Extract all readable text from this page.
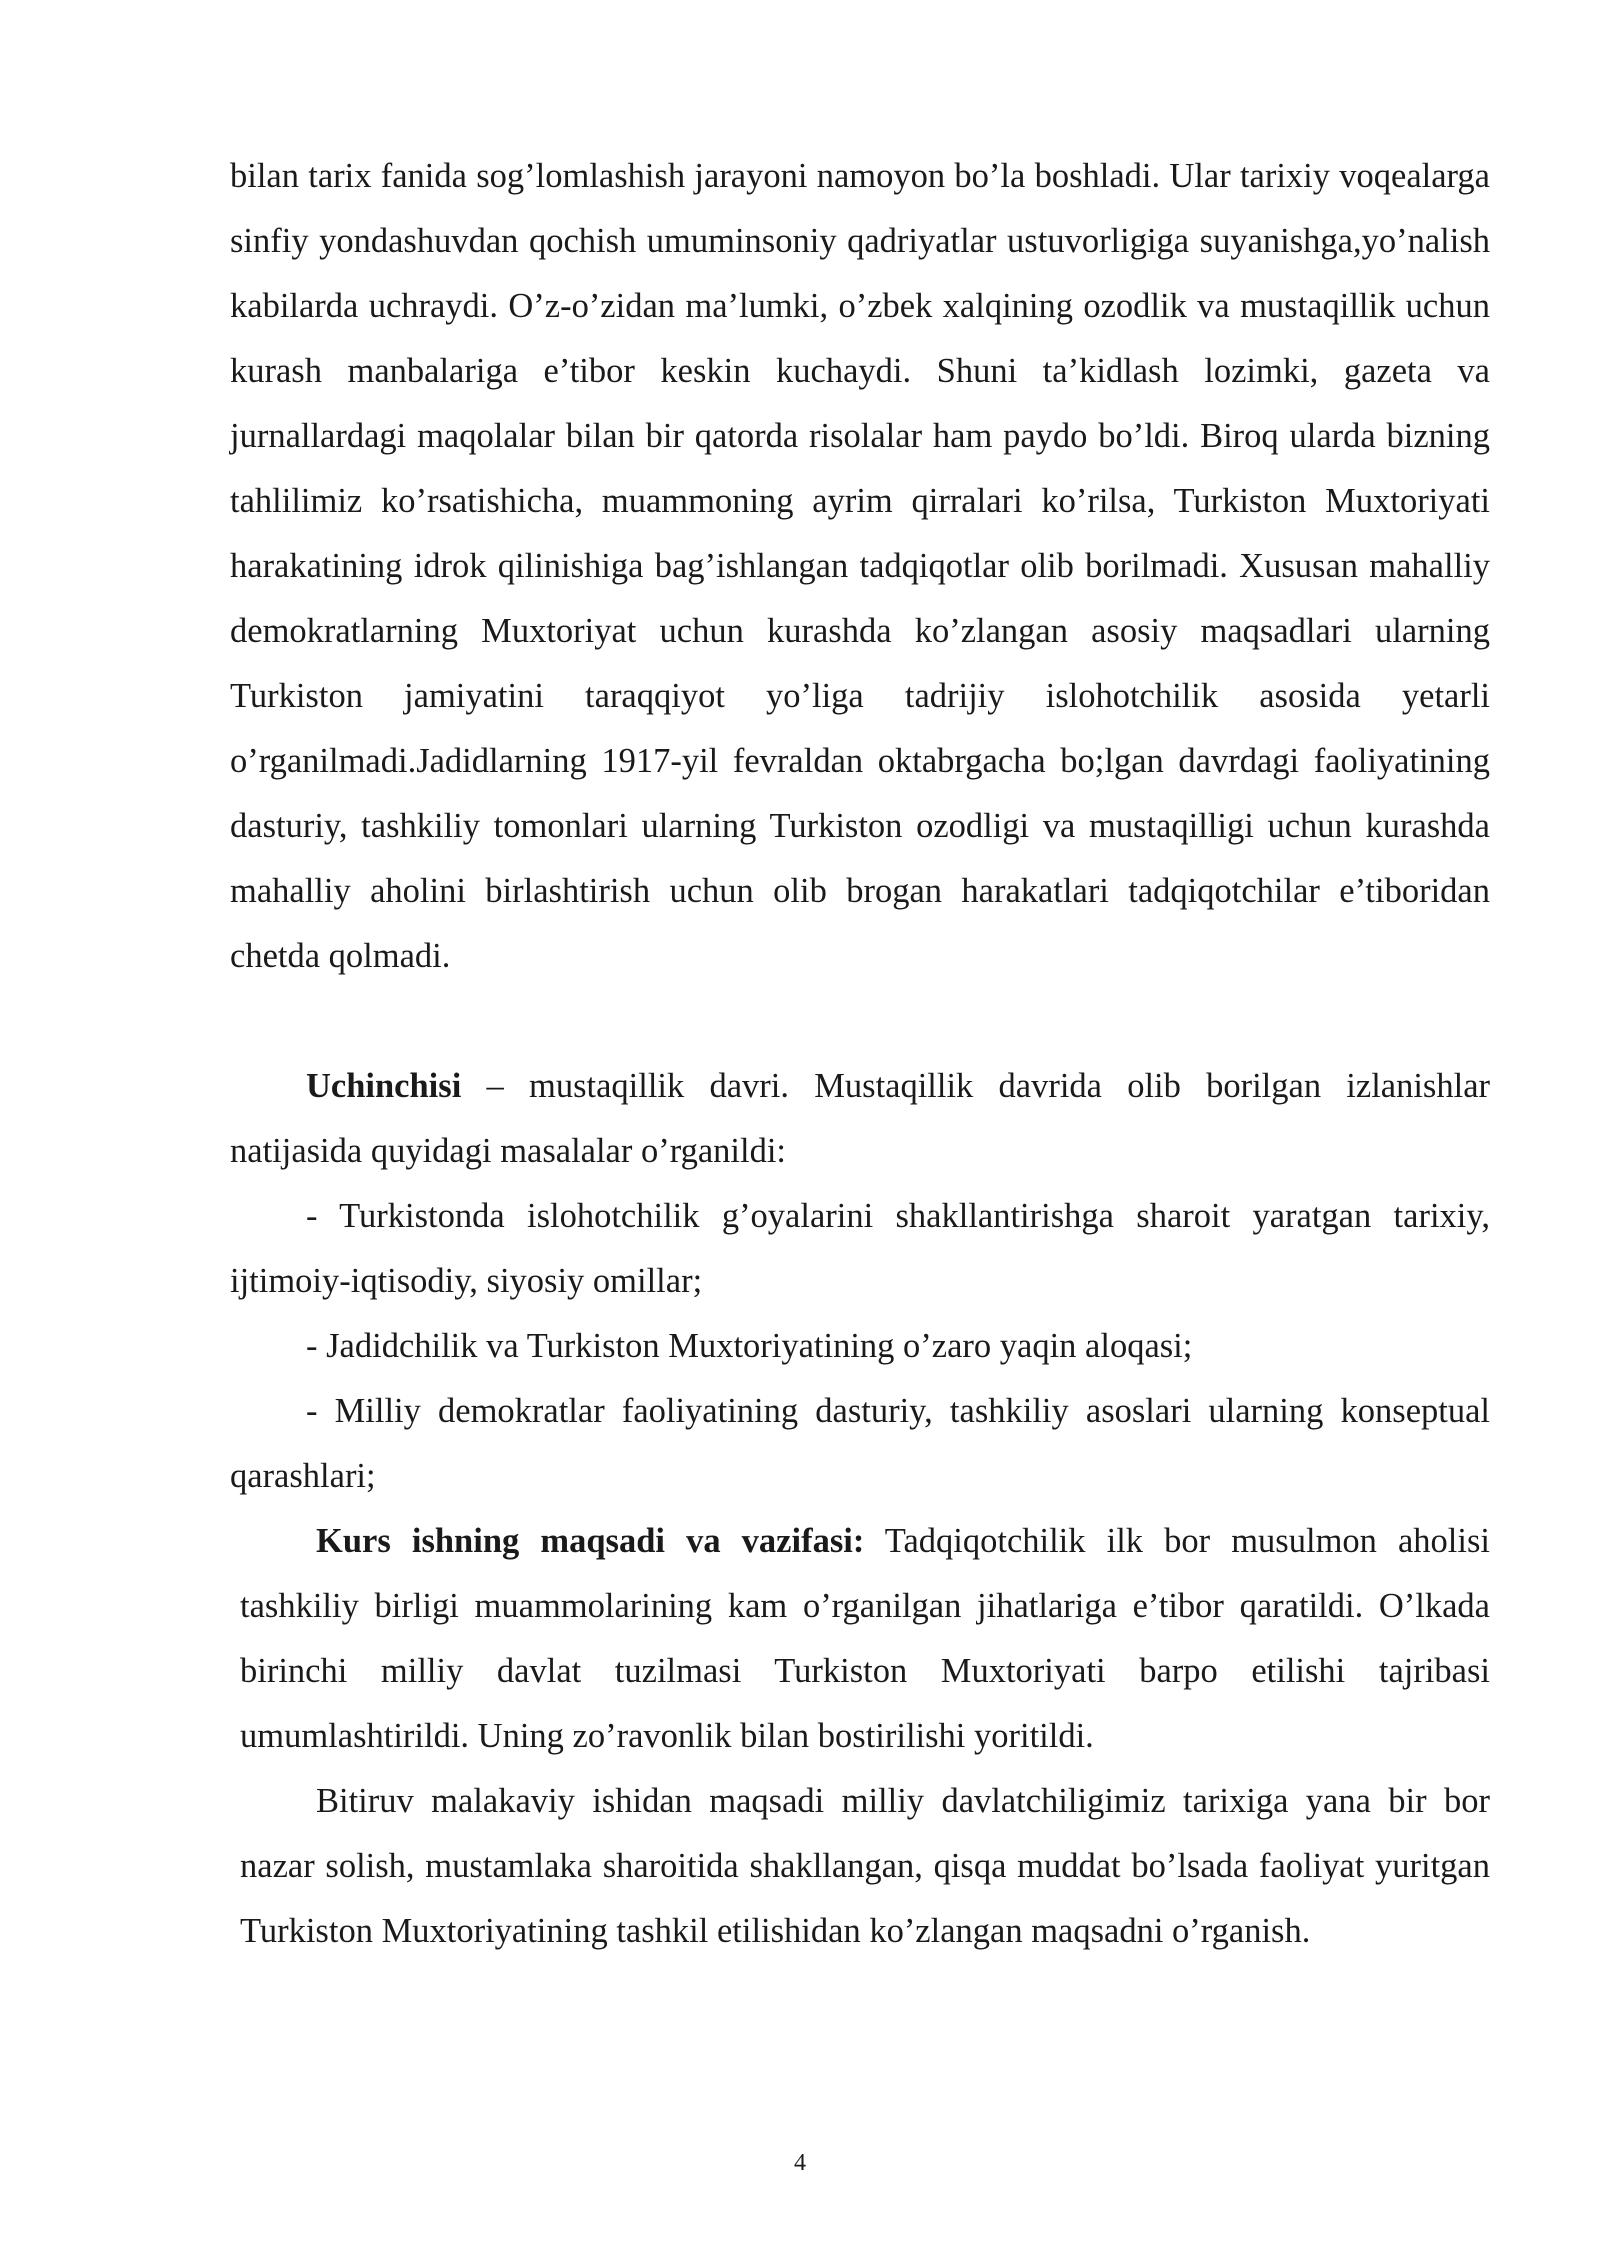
bilan tarix fanida sog’lomlashish jarayoni namoyon bo’la boshladi. Ular tarixiy voqealarga sinfiy yondashuvdan qochish umuminsoniy qadriyatlar ustuvorligiga suyanishga,yo’nalish kabilarda uchraydi. O’z-o’zidan ma’lumki, o’zbek xalqining ozodlik va mustaqillik uchun kurash manbalariga e’tibor keskin kuchaydi. Shuni ta’kidlash lozimki, gazeta va jurnallardagi maqolalar bilan bir qatorda risolalar ham paydo bo’ldi. Biroq ularda bizning tahlilimiz ko’rsatishicha, muammoning ayrim qirralari ko’rilsa, Turkiston Muxtoriyati harakatining idrok qilinishiga bag’ishlangan tadqiqotlar olib borilmadi. Xususan mahalliy demokratlarning Muxtoriyat uchun kurashda ko’zlangan asosiy maqsadlari ularning Turkiston jamiyatini taraqqiyot yo’liga tadrijiy islohotchilik asosida yetarli o’rganilmadi.Jadidlarning 1917-yil fevraldan oktabrgacha bo;lgan davrdagi faoliyatining dasturiy, tashkiliy tomonlari ularning Turkiston ozodligi va mustaqilligi uchun kurashda mahalliy aholini birlashtirish uchun olib brogan harakatlari tadqiqotchilar e’tiboridan chetda qolmadi.
Uchinchisi – mustaqillik davri. Mustaqillik davrida olib borilgan izlanishlar natijasida quyidagi masalalar o’rganildi:
- Turkistonda islohotchilik g’oyalarini shakllantirishga sharoit yaratgan tarixiy, ijtimoiy-iqtisodiy, siyosiy omillar;
- Jadidchilik va Turkiston Muxtoriyatining o’zaro yaqin aloqasi;
- Milliy demokratlar faoliyatining dasturiy, tashkiliy asoslari ularning konseptual qarashlari;
Kurs ishning maqsadi va vazifasi: Tadqiqotchilik ilk bor musulmon aholisi tashkiliy birligi muammolarining kam o’rganilgan jihatlariga e’tibor qaratildi. O’lkada birinchi milliy davlat tuzilmasi Turkiston Muxtoriyati barpo etilishi tajribasi umumlashtirildi. Uning zo’ravonlik bilan bostirilishi yoritildi.
Bitiruv malakaviy ishidan maqsadi milliy davlatchiligimiz tarixiga yana bir bor nazar solish, mustamlaka sharoitida shakllangan, qisqa muddat bo’lsada faoliyat yuritgan Turkiston Muxtoriyatining tashkil etilishidan ko’zlangan maqsadni o’rganish.
4
